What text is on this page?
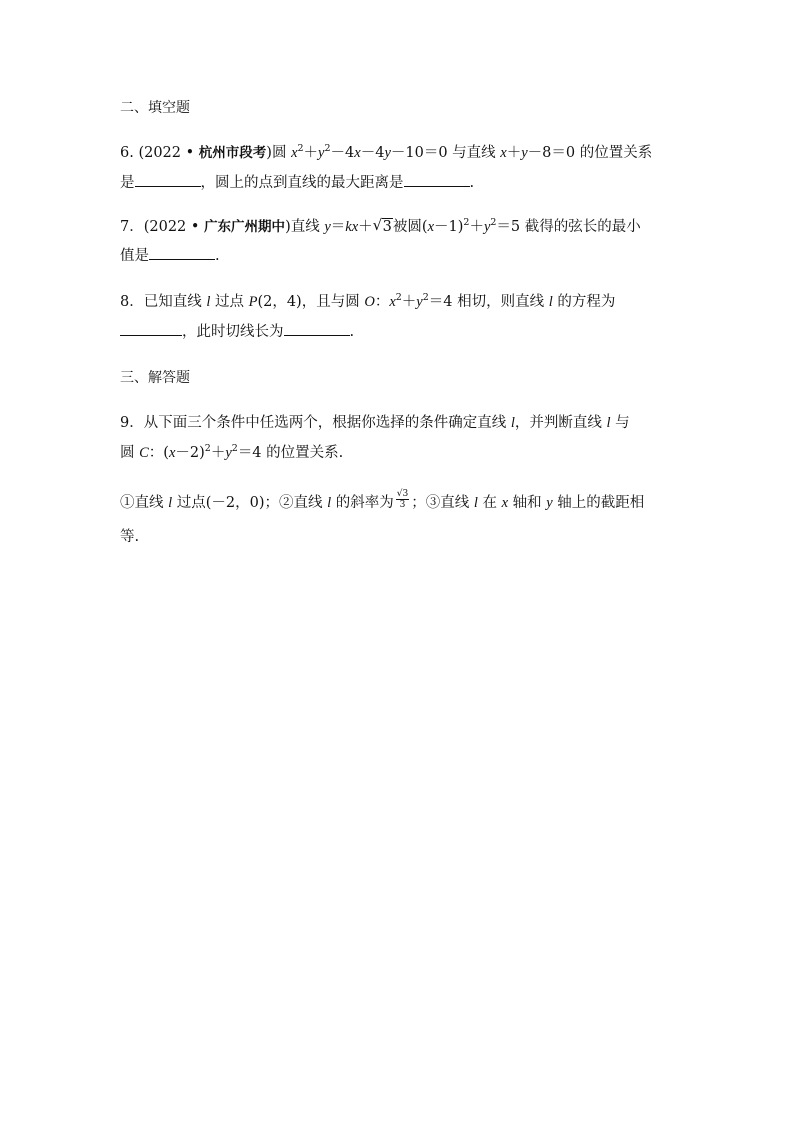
二、填空题
6. (2022 • 杭州市段考)圆 $x^2+y^2-4x-4y-10=0$ 与直线 x＋y－8＝0 的位置关系
是	，圆上的点到直线的最大距离是	.
7．(2022 • 广东广州期中)直线 y＝kx＋ √ 3被圆$(x-1)^2+y^2=5$ 截得的弦长的最小
值是	.
8．已知直线 l 过点 P(2，4)，且与圆 O：$x^2+y^2=4$ 相切，则直线 l 的方程为
，此时切线长为	.
三、解答题
9．从下面三个条件中任选两个，根据你选择的条件确定直线 l，并判断直线 l 与
圆 C：$(x-2)^2+y^2=4$ 的位置关系.
①直线 l 过点(－2，0)；②直线 l 的斜率为 $\frac{√3}{3}$ ；③直线 l 在 x 轴和 y 轴上的截距相
等.
